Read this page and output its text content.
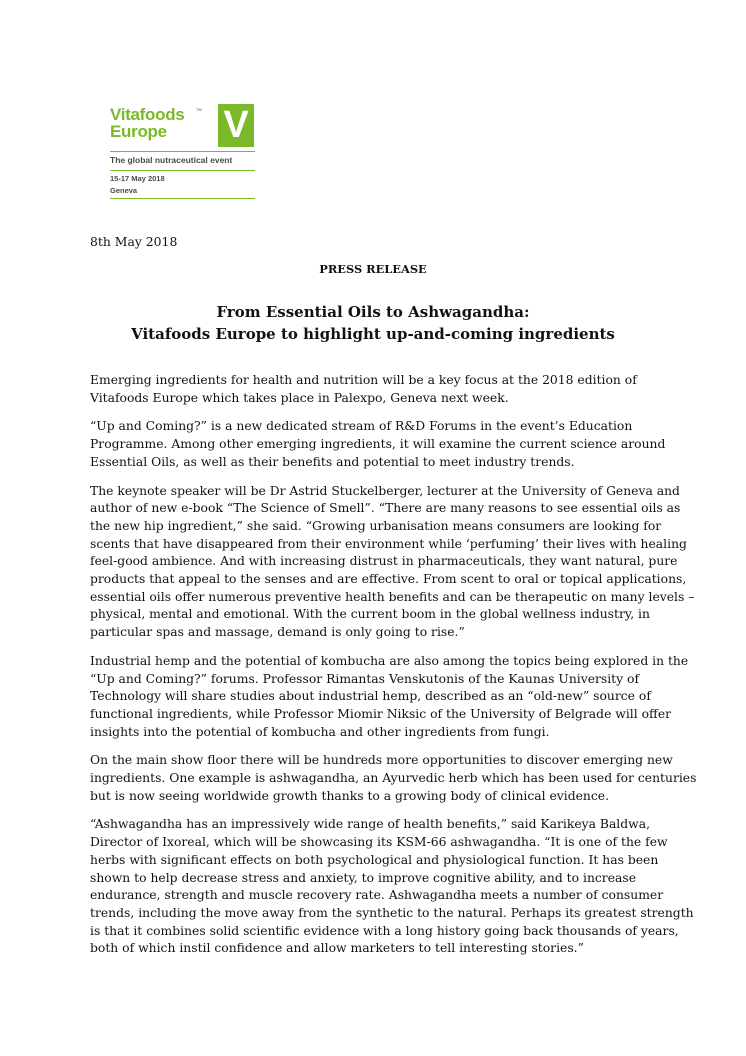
Vitafoods	TM
Europe V
The global nutraceutical event
15-17 May 2018
Geneva
8th May 2018
PRESS RELEASE
From Essential Oils to Ashwagandha:
Vitafoods Europe to highlight up-and-coming ingredients

Emerging ingredients for health and nutrition will be a key focus at the 2018 edition of
Vitafoods Europe which takes place in Palexpo, Geneva next week.

“Up and Coming?” is a new dedicated stream of R&D Forums in the event’s Education
Programme. Among other emerging ingredients, it will examine the current science around
Essential Oils, as well as their benefits and potential to meet industry trends.

The keynote speaker will be Dr Astrid Stuckelberger, lecturer at the University of Geneva and
author of new e-book “The Science of Smell”. “There are many reasons to see essential oils as
the new hip ingredient,” she said. “Growing urbanisation means consumers are looking for
scents that have disappeared from their environment while ‘perfuming’ their lives with healing
feel-good ambience. And with increasing distrust in pharmaceuticals, they want natural, pure
products that appeal to the senses and are effective. From scent to oral or topical applications,
essential oils offer numerous preventive health benefits and can be therapeutic on many levels –
physical, mental and emotional. With the current boom in the global wellness industry, in
particular spas and massage, demand is only going to rise.”

Industrial hemp and the potential of kombucha are also among the topics being explored in the
“Up and Coming?” forums. Professor Rimantas Venskutonis of the Kaunas University of
Technology will share studies about industrial hemp, described as an “old-new” source of
functional ingredients, while Professor Miomir Niksic of the University of Belgrade will offer
insights into the potential of kombucha and other ingredients from fungi.

On the main show floor there will be hundreds more opportunities to discover emerging new
ingredients. One example is ashwagandha, an Ayurvedic herb which has been used for centuries
but is now seeing worldwide growth thanks to a growing body of clinical evidence.

“Ashwagandha has an impressively wide range of health benefits,” said Karikeya Baldwa,
Director of Ixoreal, which will be showcasing its KSM-66 ashwagandha. “It is one of the few
herbs with significant effects on both psychological and physiological function. It has been
shown to help decrease stress and anxiety, to improve cognitive ability, and to increase
endurance, strength and muscle recovery rate. Ashwagandha meets a number of consumer
trends, including the move away from the synthetic to the natural. Perhaps its greatest strength
is that it combines solid scientific evidence with a long history going back thousands of years,
both of which instil confidence and allow marketers to tell interesting stories.”
